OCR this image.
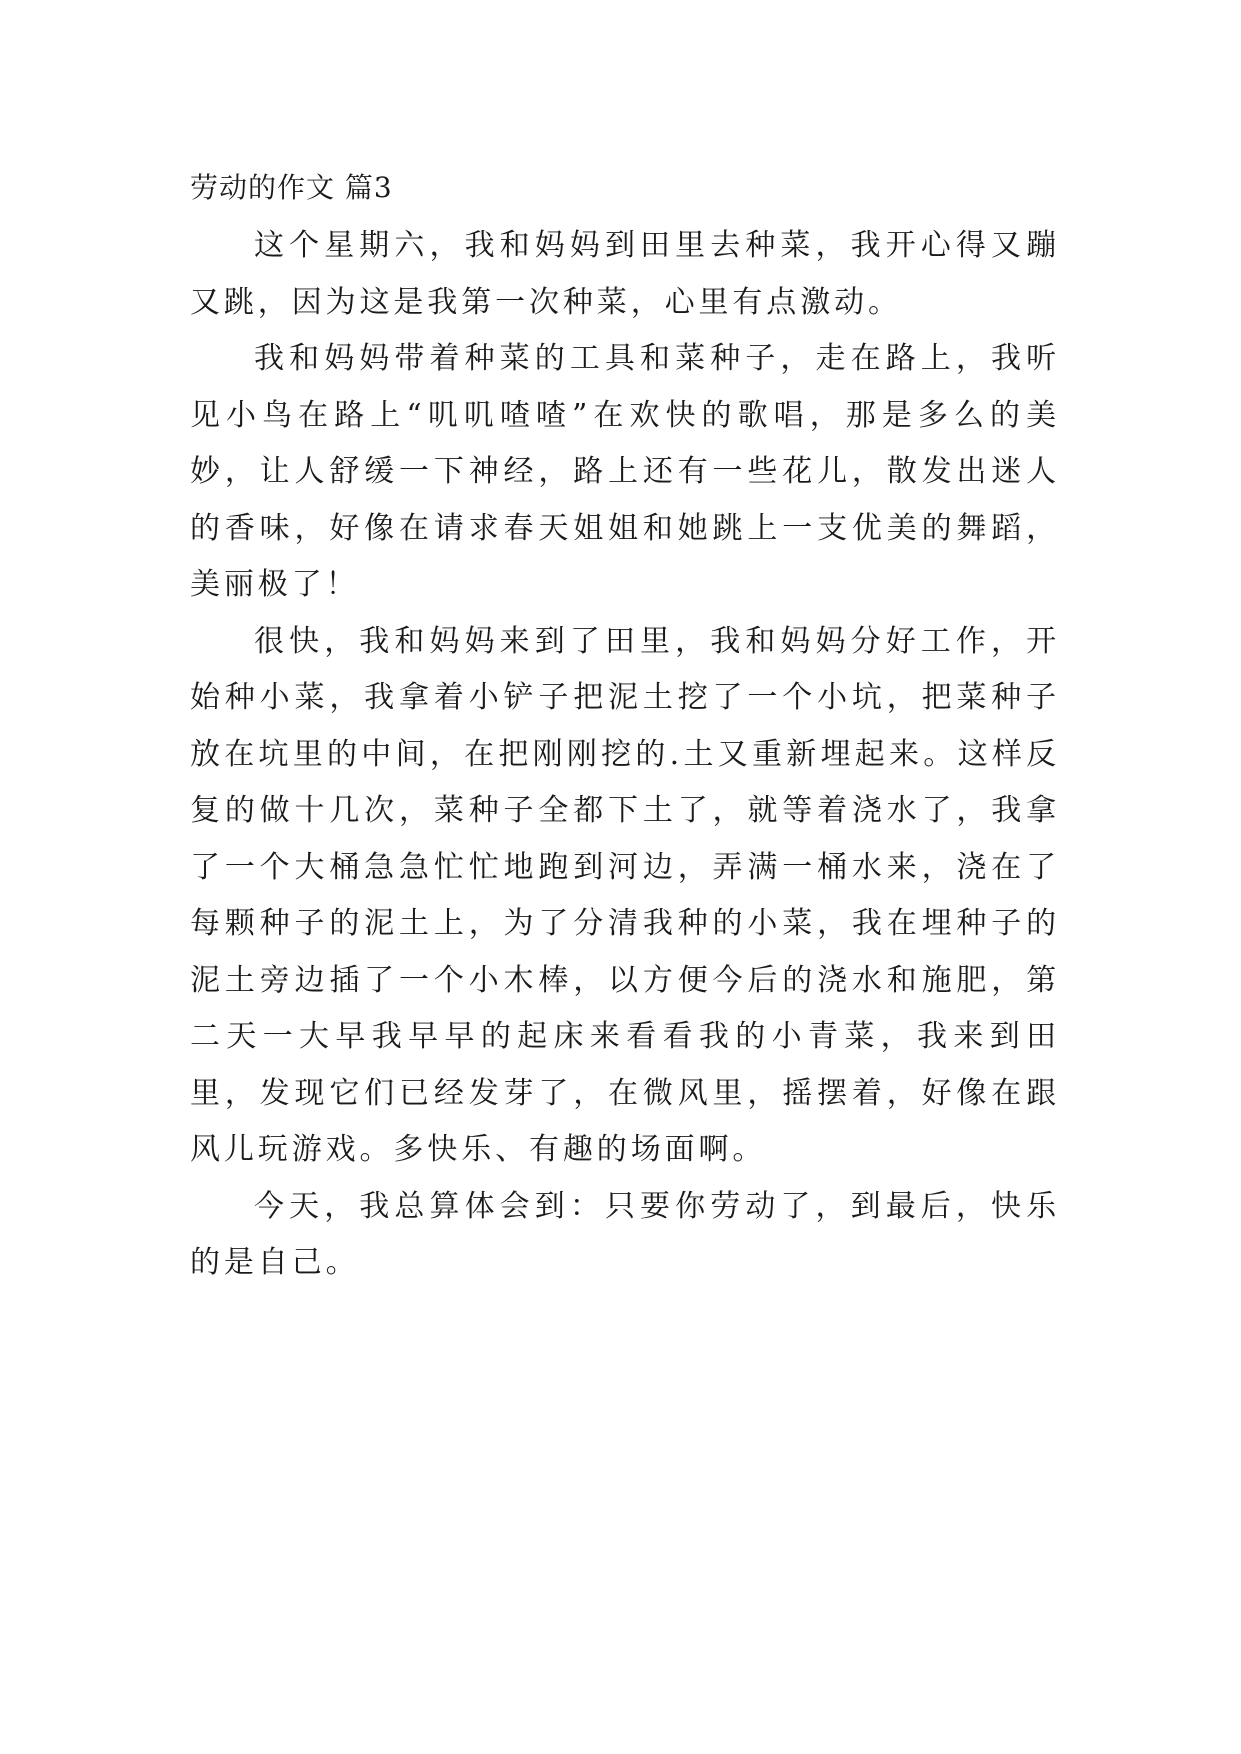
劳动的作文 篇3

这个星期六，我和妈妈到田里去种菜，我开心得又蹦又跳，因为这是我第一次种菜，心里有点激动。

我和妈妈带着种菜的工具和菜种子，走在路上，我听见小鸟在路上“叽叽喳喳”在欢快的歌唱，那是多么的美妙，让人舒缓一下神经，路上还有一些花儿，散发出迷人的香味，好像在请求春天姐姐和她跳上一支优美的舞蹈，美丽极了！

很快，我和妈妈来到了田里，我和妈妈分好工作，开始种小菜，我拿着小铲子把泥土挖了一个小坑，把菜种子放在坑里的中间，在把刚刚挖的.土又重新埋起来。这样反复的做十几次，菜种子全都下土了，就等着浇水了，我拿了一个大桶急急忙忙地跑到河边，弄满一桶水来，浇在了每颗种子的泥土上，为了分清我种的小菜，我在埋种子的泥土旁边插了一个小木棒，以方便今后的浇水和施肥，第二天一大早我早早的起床来看看我的小青菜，我来到田里，发现它们已经发芽了，在微风里，摇摆着，好像在跟风儿玩游戏。多快乐、有趣的场面啊。

今天，我总算体会到：只要你劳动了，到最后，快乐的是自己。
